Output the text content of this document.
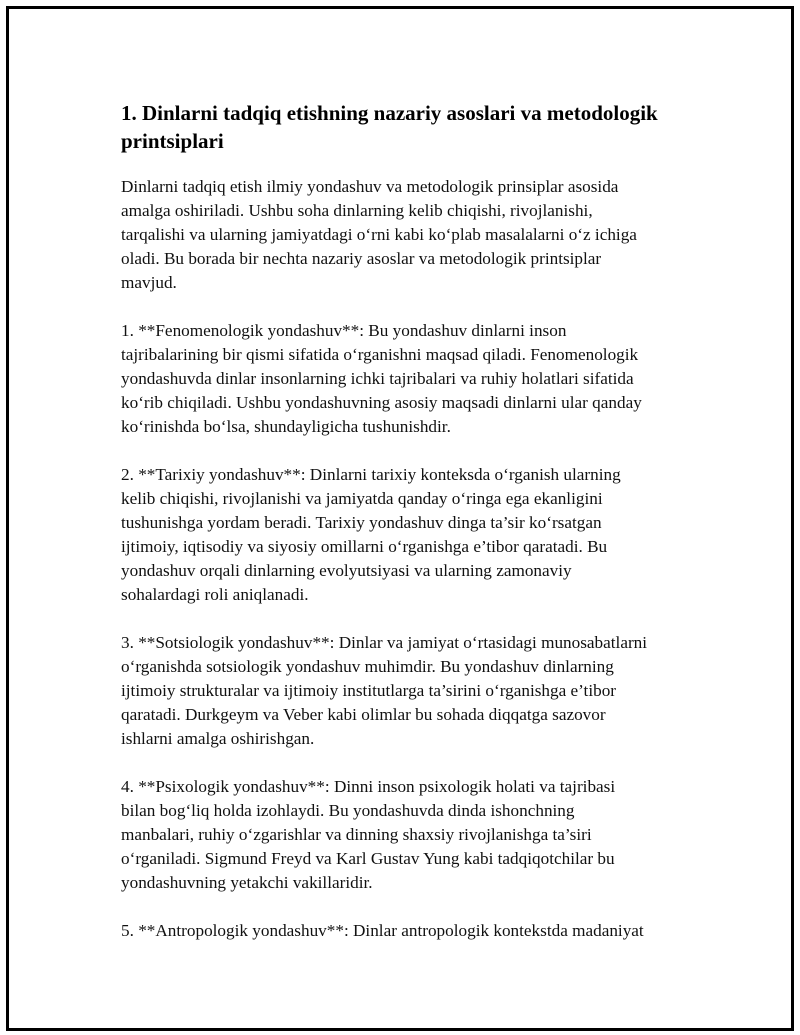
1. Dinlarni tadqiq etishning nazariy asoslari va metodologik
printsiplari

Dinlarni tadqiq etish ilmiy yondashuv va metodologik prinsiplar asosida
amalga oshiriladi. Ushbu soha dinlarning kelib chiqishi, rivojlanishi,
tarqalishi va ularning jamiyatdagi o‘rni kabi ko‘plab masalalarni o‘z ichiga
oladi. Bu borada bir nechta nazariy asoslar va metodologik printsiplar
mavjud.

1. **Fenomenologik yondashuv**: Bu yondashuv dinlarni inson
tajribalarining bir qismi sifatida o‘rganishni maqsad qiladi. Fenomenologik
yondashuvda dinlar insonlarning ichki tajribalari va ruhiy holatlari sifatida
ko‘rib chiqiladi. Ushbu yondashuvning asosiy maqsadi dinlarni ular qanday
ko‘rinishda bo‘lsa, shundayligicha tushunishdir.

2. **Tarixiy yondashuv**: Dinlarni tarixiy konteksda o‘rganish ularning
kelib chiqishi, rivojlanishi va jamiyatda qanday o‘ringa ega ekanligini
tushunishga yordam beradi. Tarixiy yondashuv dinga ta’sir ko‘rsatgan
ijtimoiy, iqtisodiy va siyosiy omillarni o‘rganishga e’tibor qaratadi. Bu
yondashuv orqali dinlarning evolyutsiyasi va ularning zamonaviy
sohalardagi roli aniqlanadi.

3. **Sotsiologik yondashuv**: Dinlar va jamiyat o‘rtasidagi munosabatlarni
o‘rganishda sotsiologik yondashuv muhimdir. Bu yondashuv dinlarning
ijtimoiy strukturalar va ijtimoiy institutlarga ta’sirini o‘rganishga e’tibor
qaratadi. Durkgeym va Veber kabi olimlar bu sohada diqqatga sazovor
ishlarni amalga oshirishgan.

4. **Psixologik yondashuv**: Dinni inson psixologik holati va tajribasi
bilan bog‘liq holda izohlaydi. Bu yondashuvda dinda ishonchning
manbalari, ruhiy o‘zgarishlar va dinning shaxsiy rivojlanishga ta’siri
o‘rganiladi. Sigmund Freyd va Karl Gustav Yung kabi tadqiqotchilar bu
yondashuvning yetakchi vakillaridir.

5. **Antropologik yondashuv**: Dinlar antropologik kontekstda madaniyat
